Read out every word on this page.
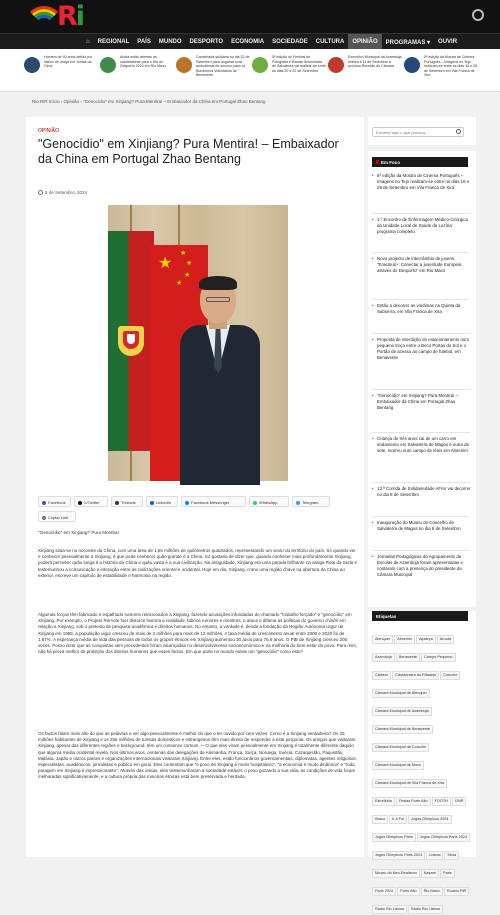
Ri
⌂	REGIONAL	PAÍS	MUNDO	DESPORTO	ECONOMIA	SOCIEDADE	CULTURA	OPINIÃO	PROGRAMAS ▾	OUVIR
Homem de 40 anos detido por tráfico de droga em Juntas da Cima
Ainda estão abertas as candidaturas para o Dia do Desporto 2024 em Rio Maior
Caminhada solidária no dia 22 de Setembro para angariar uma ambulância de socorro para os Bombeiros Voluntários de Benavente
5ª edição do Festival de Fotografia e Banda Desenhada de Salvaterra vai realizar-se entre os dias 20 e 22 de Setembro
Executivo Municipal da Azambuja realiza a 11 de Setembro a próxima Reunião de Câmara
5ª edição da Mostra de Cinema Português – Imagens no Tejo realizam-se entre os dias 16 e 28 de Setembro em Vila Franca de Xira
Rio RiR Início › Opinião › "Genocídio" em Xinjiang? Pura Mentira! – Embaixador da China em Portugal Zhao Bentang
OPINIÃO
"Genocídio" em Xinjiang? Pura Mentira! – Embaixador da China em Portugal Zhao Bentang
5 de Setembro, 2024
★
★
★
★
★
Facebook	X/Twitter	Threads	LinkedIn	Facebook Messenger	WhatsApp	Telegram
Copiar Link
"Genocídio" em Xinjiang? Pura Mentira!

Xinjiang situa-se no noroeste da China, com uma área de 1,66 milhões de quilómetros quadrados, representando um sexto do território do país. Só quando ver e conhecer pessoalmente a Xinjiang, é que pode conhecer quão grande é a China. Só gostaria de dizer que, quando conhecer mais profundamente Xinjiang, poderá perceber quão longa é a história da China e quão vasta é a sua civilização. Na antiguidade, Xinjiang era uma parada brilhante na antiga Rota da Seda e testemunhou a comunicação e interação entre as civilizações oriental e ocidental. Hoje em dia, Xinjiang, como uma região chave na abertura da China ao exterior, escreve um capítulo de estabilidade e harmonia na região.

Algumas forças têm fabricado e espalhado rumores relacionados a Xinjiang, fazendo acusações infundadas do chamado "trabalho forçado" e "genocídio" em Xinjiang. Por exemplo, o Projeto Remote fuer distorce história e realidade, fabrica rumores e mentiras, e ataca e difama as políticas do governo chinês em relação a Xinjiang, sob o pretexto de pesquisa acadêmica e direitos humanos. No entanto, a verdade é, desde a fundação da Região Autónoma Uigur de Xinjiang em 1955, a população uigur cresceu de mais de 2 milhões para mais de 12 milhões. A taxa média de crescimento anual entre 2000 e 2020 foi de 1,67%. A esperança média de vida das pessoas de todos os grupos étnicos em Xinjiang aumentou 30 anos para 75,6 anos. O PIB de Xinjiang cresceu 200 vezes. Posso dizer que as conquistas sem precedentes foram alcançadas no desenvolvimento socioeconómico e na melhoria do bem-estar do povo. Para mim, não há prova melhor de proteção dos direitos humanos que esses factos. Em que parte no mundo existe um "genocídio" como este?

Os factos falam mais alto do que as palavras e ver algo pessoalmente é melhor do que o ter ouvido por cem vezes. Como é a Xinjiang verdadeira? Os 25 milhões habitantes de Xinjiang e os 255 milhões de turistas domésticos e estrangeiros têm mais direito de responder a esta pergunta. Os amigos que visitaram Xinjiang, apesar das diferentes regiões e background, têm um consenso comum — O que eles viram pessoalmente em Xinjiang é totalmente diferente daquilo que alguma média ocidental revela. Nos últimos anos, centenas das delegações de Alemanha, França, Suíça, Noruega, Suécia, Cazaquistão, Paquistão, Malásia, Japão e outros países e organizações internacionais visitaram Xinjiang. Entre eles, estão funcionários governamentais, diplomatas, agentes religiosos, especialistas, académicos, jornalistas e público em geral. Eles comentam que "o povo de Xinjiang é muito hospitaleiro", "a economia é muito dinâmica" e "toda paragem em Xinjiang é impressionante". Através das visitas, eles testemunharam a sociedade estável, o povo gozando a sua vida, as condições de vida foram melhoradas significativamente, e a cultura própria das minorias étnicas está bem preservada e herdada.

Escreve aqui o que procura...
Em Foco
• 5ª edição da Mostra de Cinema Português – Imagens no Tejo realizam-se entre os dias 16 e 28 de Setembro em Vila Franca de Xira
• 1.º Encontro de Enfermagem Médico-Cirúrgica da Unidade Local de Saúde da Lezíria: programa completo
• Novo projecto de intercâmbio de jovens, "Erasmus+: Conectar a juventude Europeia através do Desporto" em Rio Maior
• Estão a decorrer as vindimas na Quinta da Subserra, em Vila Franca de Xira
• Proposta de interdição do estacionamento num pequeno troço entre o Beco Portas do Sol e o Portão de acesso ao campo de futebol, em Benavente
• "Genocídio" em Xinjiang? Pura Mentira! – Embaixador da China em Portugal Zhao Bentang
• Criança de três anos cai de um carro em andamento em Salvaterra de Magos e outra de sete, morreu num campo de ténis em Almeirim
• 13.ª Corrida de Solidariedade AFAV vai decorrer no dia 8 de Setembro
• Inauguração do Museu do Concelho de Salvaterra de Magos no dia 8 de Setembro
• Jornadas Pedagógicas do Agrupamento de Escolas de Azambuja foram apresentadas e contaram com a presença do presidente da Câmara Municipal
Etiquetas
Alenquer Almeirim Alpiarça ArrudaAzambuja Benavente Campo PequenoCartaxo Castanheira do Ribatejo CorucheCâmara Municipal de AlenquerCâmara Municipal de AzambujaCâmara Municipal de BenaventeCâmara Municipal de CorucheCâmara Municipal de MoraCâmara Municipal de Vila Franca de XiraEstrelinha Festas Forte Alto FOOTH GNRIlhavo Ir à Foi Jogos Olímpicos 2024Jogos Olímpicos Paris Jogos Olímpicos Paris 2024Jogos Olímpicos Paris 2024 Lisboa MoraMuseu do Neo-Realismo Nazaré ParisParis 2024 Porto Alto Rio Maior Rodeio RiRRádio Rio Lisboa Rádio Rio Lisboa
